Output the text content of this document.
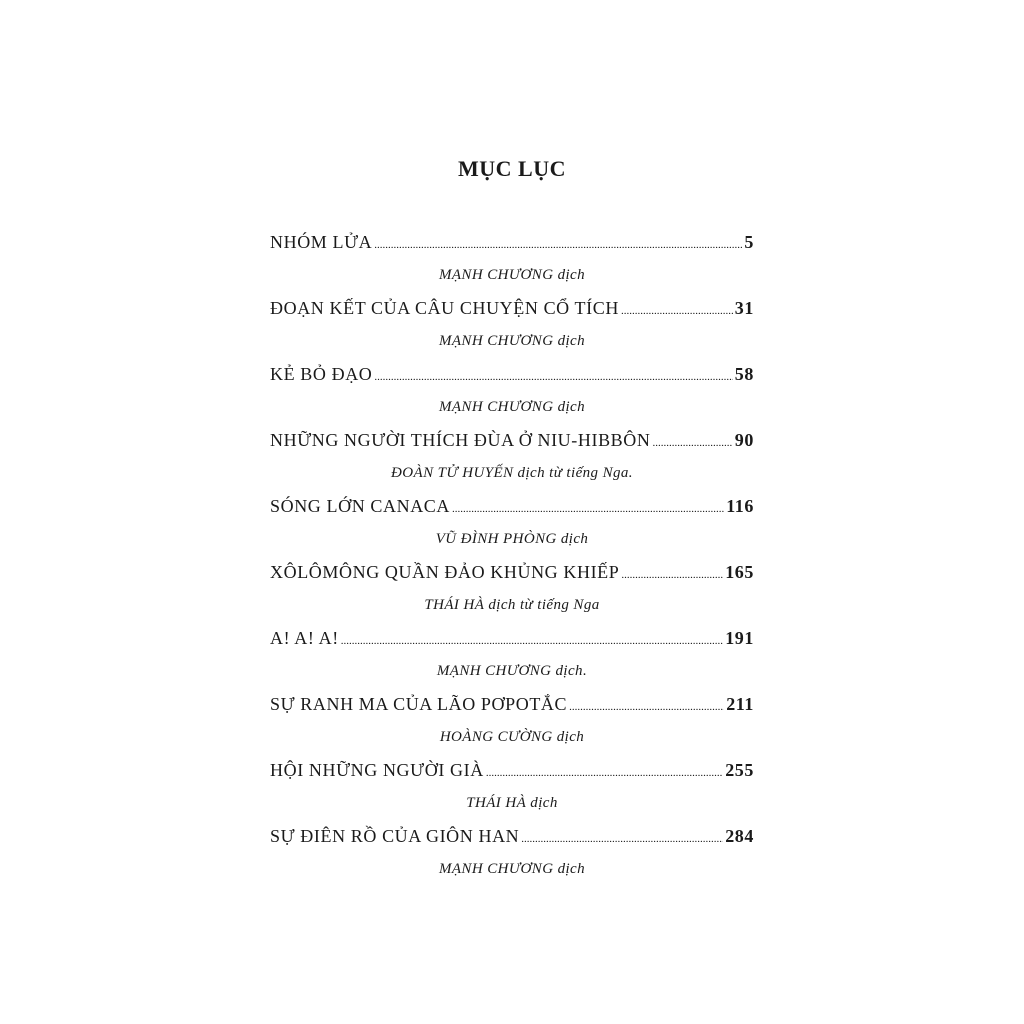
MỤC LỤC
NHÓM LỬA .....	5
MẠNH CHƯƠNG dịch
ĐOẠN KẾT CỦA CÂU CHUYỆN CỔ TÍCH .....	31
MẠNH CHƯƠNG dịch
KẺ BỎ ĐẠO .....	58
MẠNH CHƯƠNG dịch
NHỮNG NGƯỜI THÍCH ĐÙA Ở NIU-HIBBÔN .....	90
ĐOÀN TỬ HUYẾN dịch từ tiếng Nga.
SÓNG LỚN CANACA .....	116
VŨ ĐÌNH PHÒNG dịch
XÔLÔMÔNG QUẦN ĐẢO KHỦNG KHIẾP .....	165
THÁI HÀ dịch từ tiếng Nga
A! A! A! .....	191
MẠNH CHƯƠNG dịch.
SỰ RANH MA CỦA LÃO PƠPOTẮC .....	211
HOÀNG CƯỜNG dịch
HỘI NHỮNG NGƯỜI GIÀ .....	255
THÁI HÀ dịch
SỰ ĐIÊN RỒ CỦA GIÔN HAN .....	284
MẠNH CHƯƠNG dịch
